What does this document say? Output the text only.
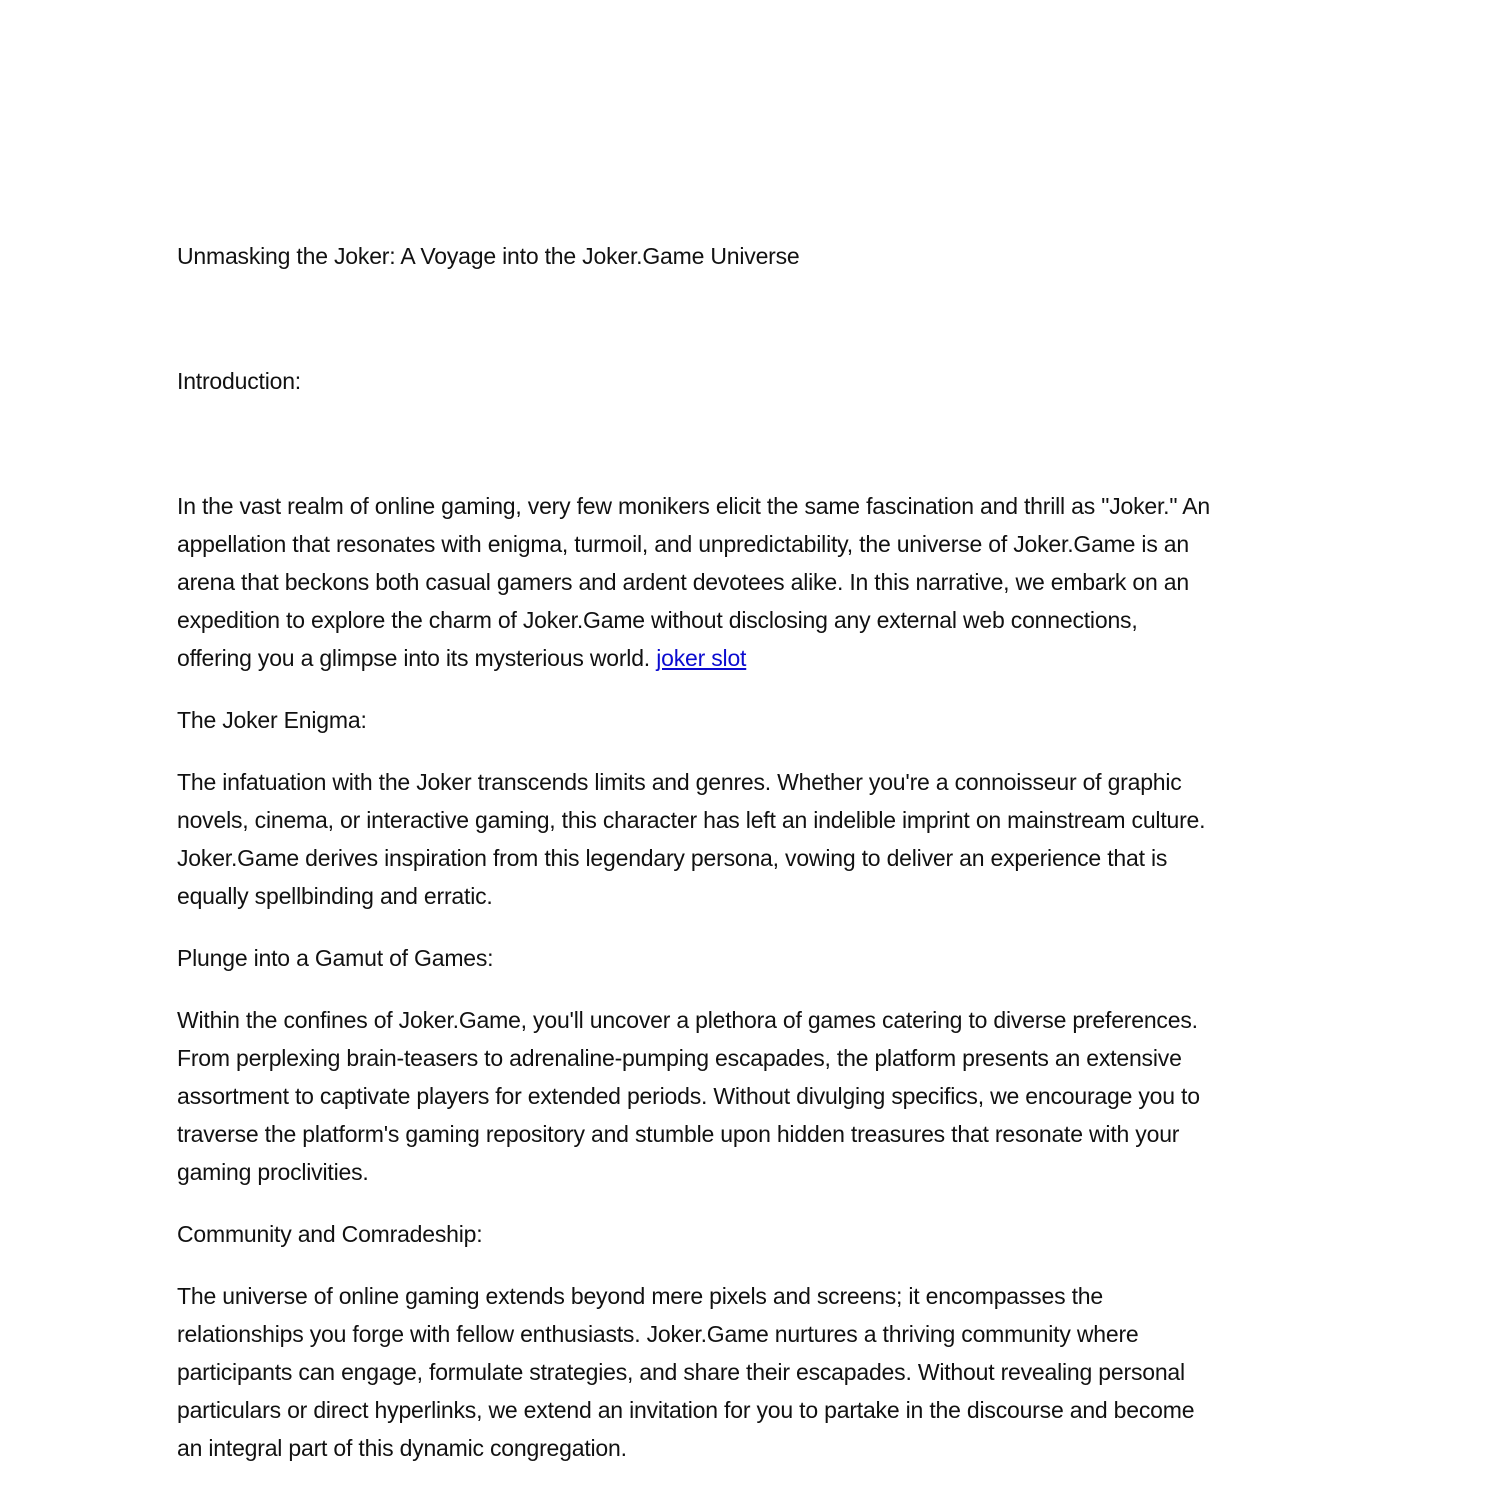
Unmasking the Joker: A Voyage into the Joker.Game Universe
Introduction:
In the vast realm of online gaming, very few monikers elicit the same fascination and thrill as "Joker." An
appellation that resonates with enigma, turmoil, and unpredictability, the universe of Joker.Game is an
arena that beckons both casual gamers and ardent devotees alike. In this narrative, we embark on an
expedition to explore the charm of Joker.Game without disclosing any external web connections,
offering you a glimpse into its mysterious world. joker slot
The Joker Enigma:
The infatuation with the Joker transcends limits and genres. Whether you're a connoisseur of graphic
novels, cinema, or interactive gaming, this character has left an indelible imprint on mainstream culture.
Joker.Game derives inspiration from this legendary persona, vowing to deliver an experience that is
equally spellbinding and erratic.
Plunge into a Gamut of Games:
Within the confines of Joker.Game, you'll uncover a plethora of games catering to diverse preferences.
From perplexing brain-teasers to adrenaline-pumping escapades, the platform presents an extensive
assortment to captivate players for extended periods. Without divulging specifics, we encourage you to
traverse the platform's gaming repository and stumble upon hidden treasures that resonate with your
gaming proclivities.
Community and Comradeship:
The universe of online gaming extends beyond mere pixels and screens; it encompasses the
relationships you forge with fellow enthusiasts. Joker.Game nurtures a thriving community where
participants can engage, formulate strategies, and share their escapades. Without revealing personal
particulars or direct hyperlinks, we extend an invitation for you to partake in the discourse and become
an integral part of this dynamic congregation.
